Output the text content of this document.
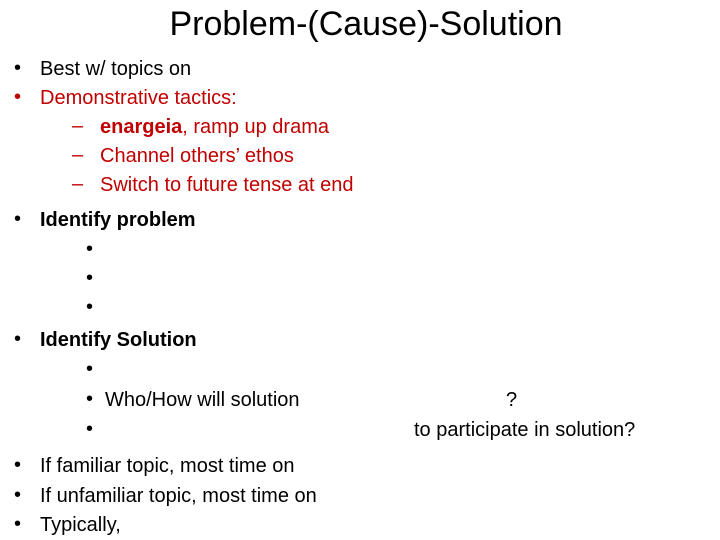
Problem-(Cause)-Solution
• Best w/ topics on
• Demonstrative tactics:
– enargeia, ramp up drama
– Channel others’ ethos
– Switch to future tense at end
• Identify problem
•
•
•
• Identify Solution
•
• Who/How will solution	?
•	to participate in solution?
• If familiar topic, most time on
• If unfamiliar topic, most time on
• Typically,
